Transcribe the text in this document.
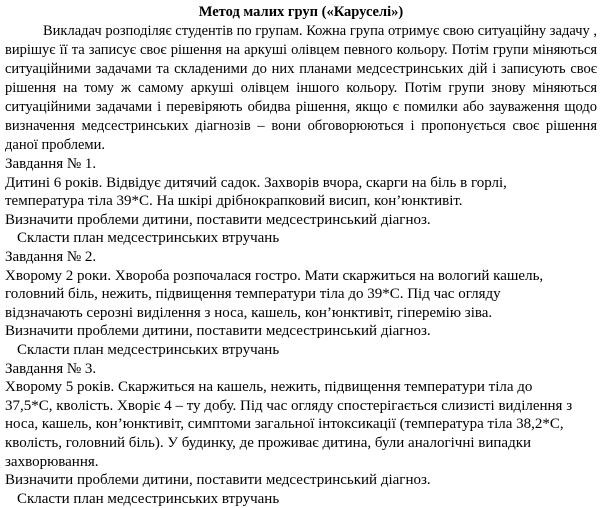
Метод малих груп («Каруселі»)

Викладач розподіляє студентів по групам. Кожна група отримує свою ситуаційну задачу , вирішує її та записує своє рішення на аркуші олівцем певного кольору. Потім групи міняються ситуаційними задачами та складеними до них планами медсестринських дій і записують своє рішення на тому ж самому аркуші олівцем іншого кольору. Потім групи знову міняються ситуаційними задачами і перевіряють обидва рішення, якщо є помилки або зауваження щодо визначення медсестринських діагнозів – вони обговорюються і пропонується своє рішення даної проблеми.

Завдання № 1.

Дитині 6 років. Відвідує дитячий садок. Захворів вчора, скарги на біль в горлі,

температура тіла 39*С. На шкірі дрібнокрапковий висип, кон’юнктивіт.

Визначити проблеми дитини, поставити медсестринський діагноз.

Скласти план медсестринських втручань

Завдання № 2.

Хворому 2 роки. Хвороба розпочалася гостро. Мати скаржиться на вологий кашель,

головний біль, нежить, підвищення температури тіла до 39*С. Під час огляду

відзначають серозні виділення з носа, кашель, кон’юнктивіт, гіперемію зіва.

Визначити проблеми дитини, поставити медсестринський діагноз.

Скласти план медсестринських втручань

Завдання № 3.

Хворому 5 років. Скаржиться на кашель, нежить, підвищення температури тіла до

37,5*С, кволість. Хворіє 4 – ту добу. Під час огляду спостерігається слизисті виділення з

носа, кашель, кон’юнктивіт, симптоми загальної інтоксикації (температура тіла 38,2*С,

кволість, головний біль). У будинку, де проживає дитина, були аналогічні випадки

захворювання.

Визначити проблеми дитини, поставити медсестринський діагноз.

Скласти план медсестринських втручань
